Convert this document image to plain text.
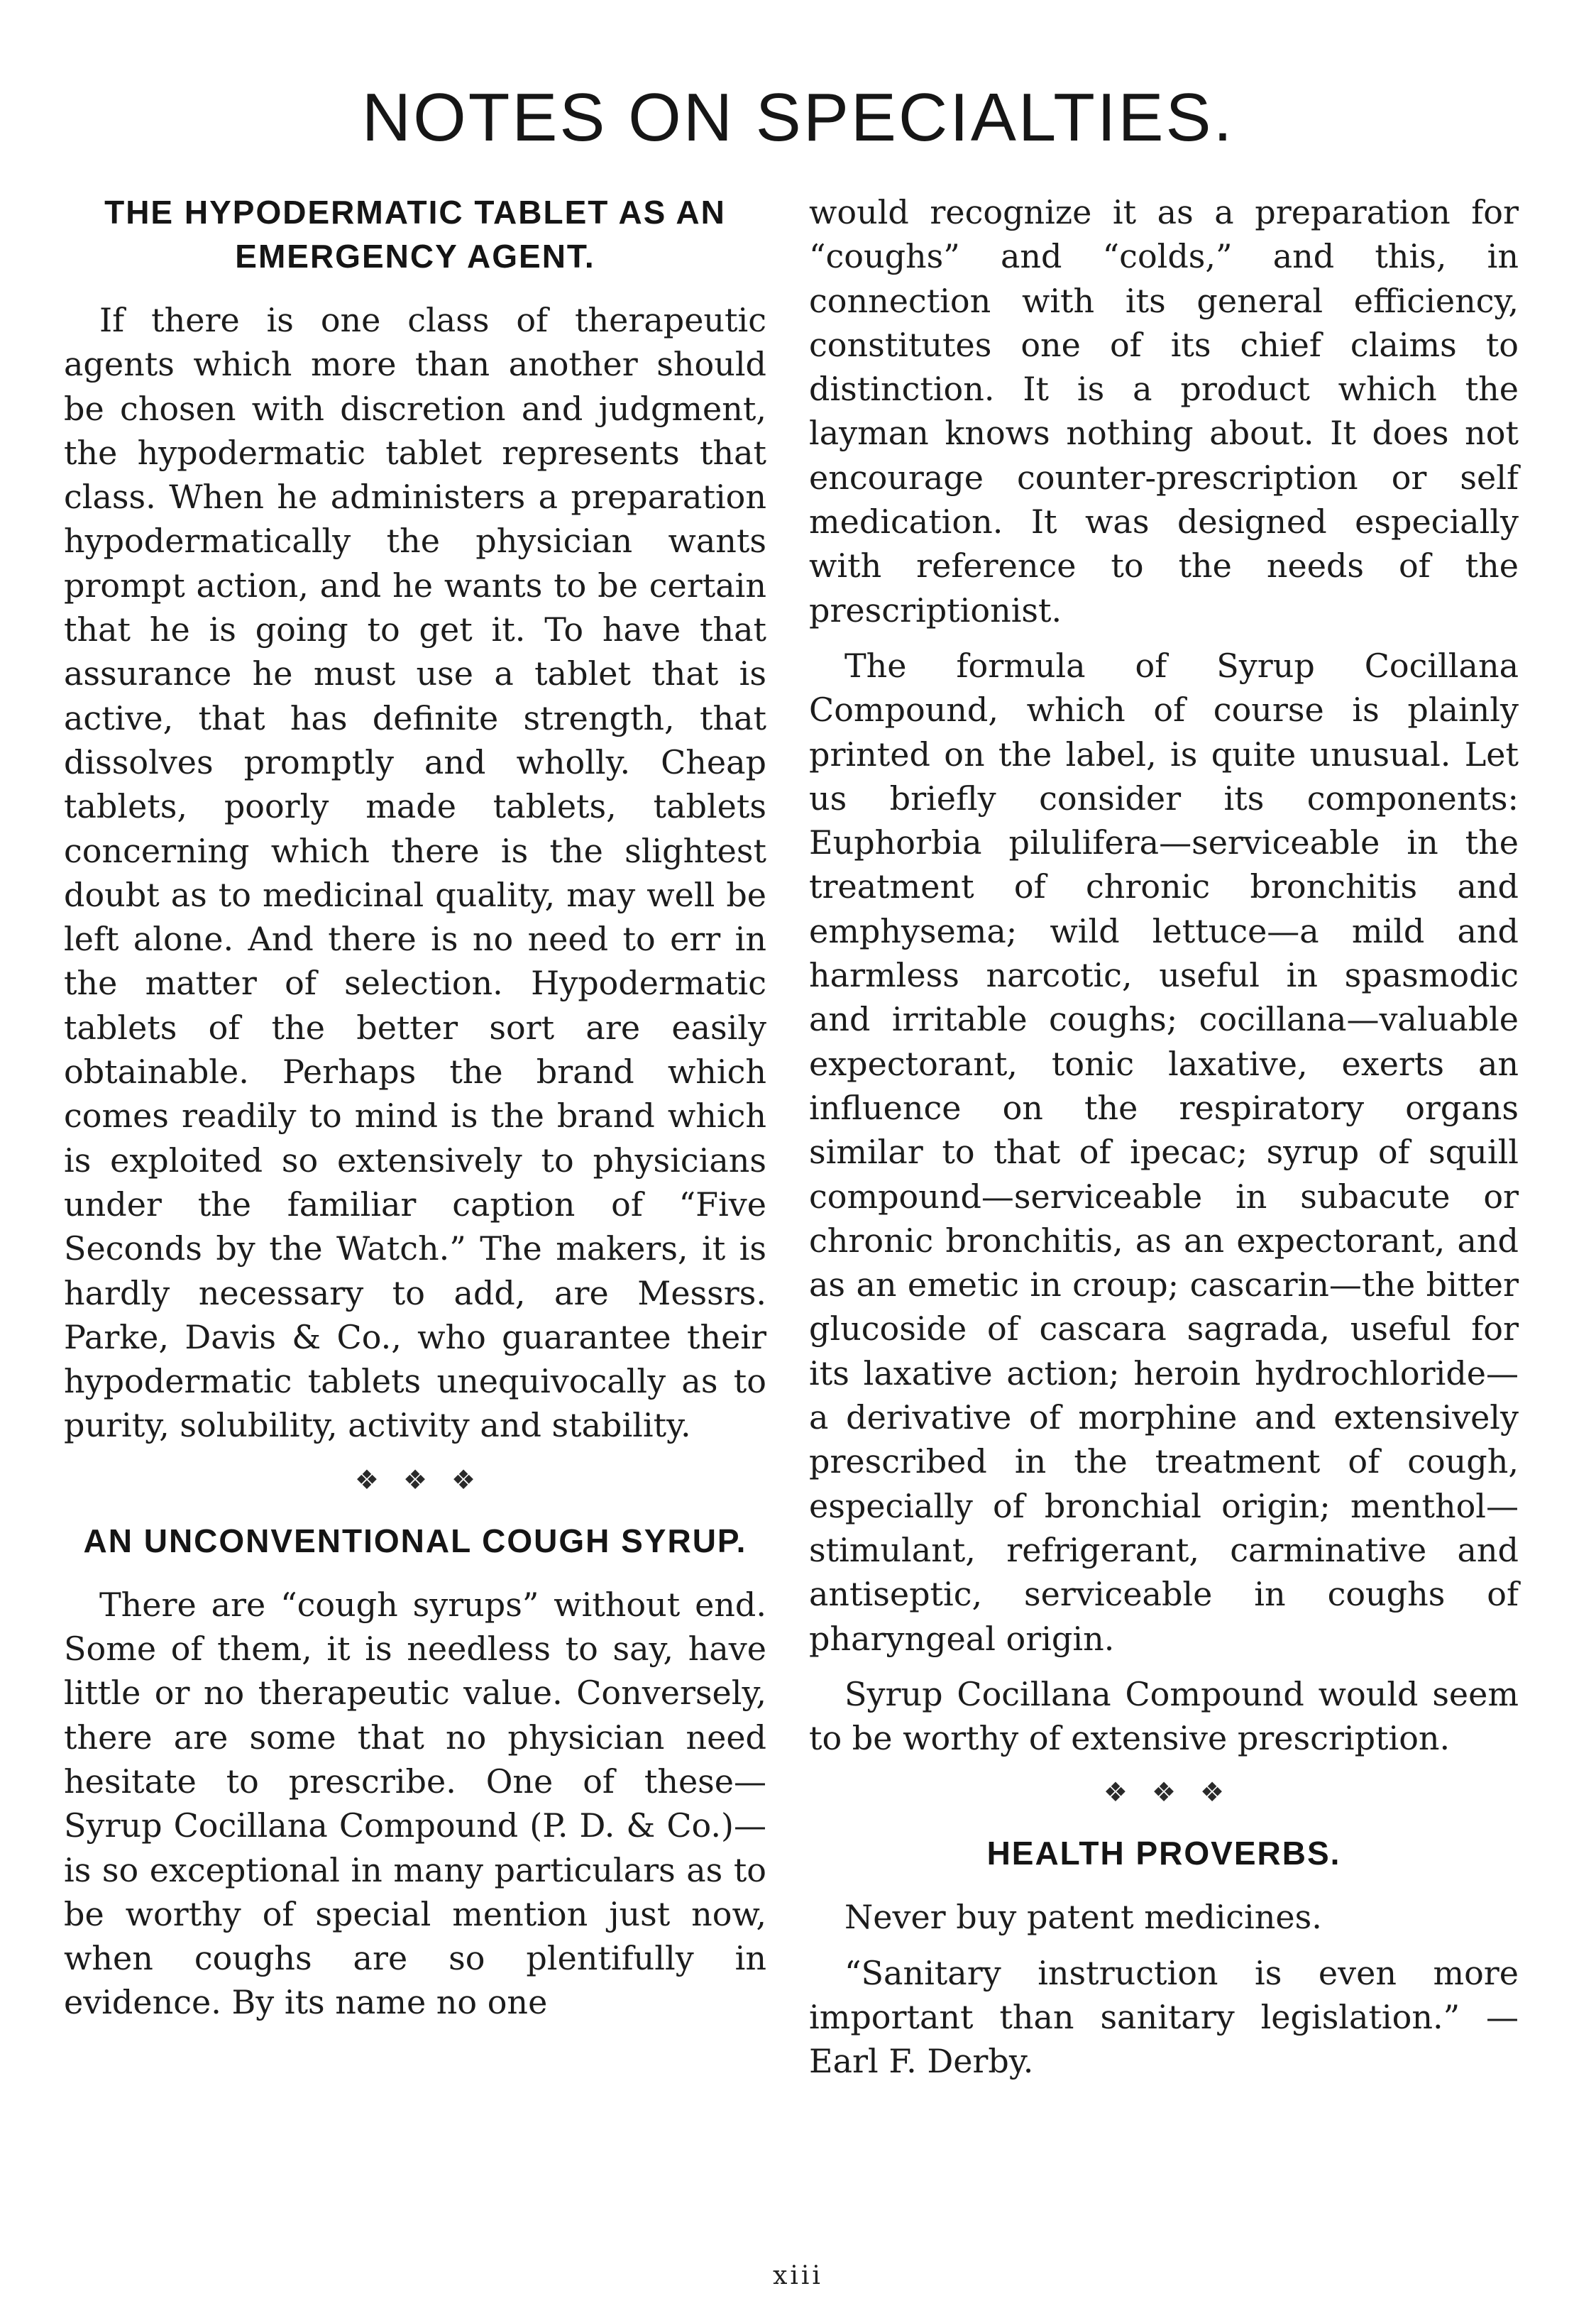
NOTES ON SPECIALTIES.
THE HYPODERMATIC TABLET AS AN EMERGENCY AGENT.

If there is one class of therapeutic agents which more than another should be chosen with discretion and judgment, the hypodermatic tablet represents that class. When he administers a preparation hypodermatically the physician wants prompt action, and he wants to be certain that he is going to get it. To have that assurance he must use a tablet that is active, that has definite strength, that dissolves promptly and wholly. Cheap tablets, poorly made tablets, tablets concerning which there is the slightest doubt as to medicinal quality, may well be left alone. And there is no need to err in the matter of selection. Hypodermatic tablets of the better sort are easily obtainable. Perhaps the brand which comes readily to mind is the brand which is exploited so extensively to physicians under the familiar caption of “Five Seconds by the Watch.” The makers, it is hardly necessary to add, are Messrs. Parke, Davis & Co., who guarantee their hypodermatic tablets unequivocally as to purity, solubility, activity and stability.

❖❖❖
AN UNCONVENTIONAL COUGH SYRUP.

There are “cough syrups” without end. Some of them, it is needless to say, have little or no therapeutic value. Conversely, there are some that no physician need hesitate to prescribe. One of these—Syrup Cocillana Compound (P. D. & Co.)—is so exceptional in many particulars as to be worthy of special mention just now, when coughs are so plentifully in evidence. By its name no one

would recognize it as a preparation for “coughs” and “colds,” and this, in connection with its general efficiency, constitutes one of its chief claims to distinction. It is a product which the layman knows nothing about. It does not encourage counter-prescription or self medication. It was designed especially with reference to the needs of the prescriptionist.

The formula of Syrup Cocillana Compound, which of course is plainly printed on the label, is quite unusual. Let us briefly consider its components: Euphorbia pilulifera—serviceable in the treatment of chronic bronchitis and emphysema; wild lettuce—a mild and harmless narcotic, useful in spasmodic and irritable coughs; cocillana—valuable expectorant, tonic laxative, exerts an influence on the respiratory organs similar to that of ipecac; syrup of squill compound—serviceable in subacute or chronic bronchitis, as an expectorant, and as an emetic in croup; cascarin—the bitter glucoside of cascara sagrada, useful for its laxative action; heroin hydrochloride—a derivative of morphine and extensively prescribed in the treatment of cough, especially of bronchial origin; menthol—stimulant, refrigerant, carminative and antiseptic, serviceable in coughs of pharyngeal origin.

Syrup Cocillana Compound would seem to be worthy of extensive prescription.

❖❖❖
HEALTH PROVERBS.

Never buy patent medicines.

“Sanitary instruction is even more important than sanitary legislation.” —Earl F. Derby.

xiii
